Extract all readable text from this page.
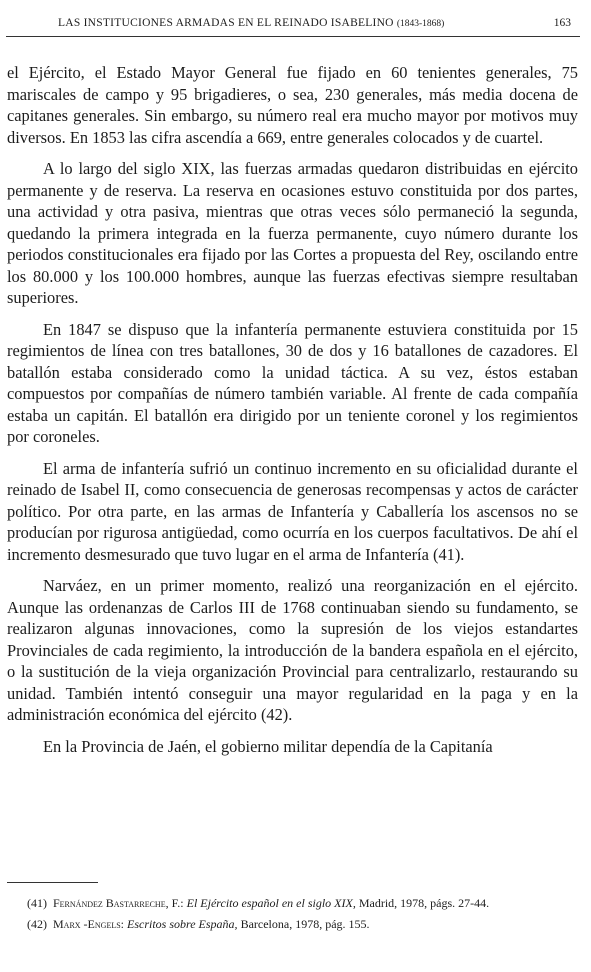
LAS INSTITUCIONES ARMADAS EN EL REINADO ISABELINO (1843-1868)	163

el Ejército, el Estado Mayor General fue fijado en 60 tenientes generales, 75 mariscales de campo y 95 brigadieres, o sea, 230 generales, más media docena de capitanes generales. Sin embargo, su número real era mucho mayor por motivos muy diversos. En 1853 las cifra ascendía a 669, entre generales colocados y de cuartel.

A lo largo del siglo XIX, las fuerzas armadas quedaron distribuidas en ejército permanente y de reserva. La reserva en ocasiones estuvo constituida por dos partes, una actividad y otra pasiva, mientras que otras veces sólo permaneció la segunda, quedando la primera integrada en la fuerza permanente, cuyo número durante los periodos constitucionales era fijado por las Cortes a propuesta del Rey, oscilando entre los 80.000 y los 100.000 hombres, aunque las fuerzas efectivas siempre resultaban superiores.

En 1847 se dispuso que la infantería permanente estuviera constituida por 15 regimientos de línea con tres batallones, 30 de dos y 16 batallones de cazadores. El batallón estaba considerado como la unidad táctica. A su vez, éstos estaban compuestos por compañías de número también variable. Al frente de cada compañía estaba un capitán. El batallón era dirigido por un teniente coronel y los regimientos por coroneles.

El arma de infantería sufrió un continuo incremento en su oficialidad durante el reinado de Isabel II, como consecuencia de generosas recompensas y actos de carácter político. Por otra parte, en las armas de Infantería y Caballería los ascensos no se producían por rigurosa antigüedad, como ocurría en los cuerpos facultativos. De ahí el incremento desmesurado que tuvo lugar en el arma de Infantería (41).

Narváez, en un primer momento, realizó una reorganización en el ejército. Aunque las ordenanzas de Carlos III de 1768 continuaban siendo su fundamento, se realizaron algunas innovaciones, como la supresión de los viejos estandartes Provinciales de cada regimiento, la introducción de la bandera española en el ejército, o la sustitución de la vieja organización Provincial para centralizarlo, restaurando su unidad. También intentó conseguir una mayor regularidad en la paga y en la administración económica del ejército (42).

En la Provincia de Jaén, el gobierno militar dependía de la Capitanía

(41) Fernández Bastarreche, F.: El Ejército español en el siglo XIX, Madrid, 1978, págs. 27-44.

(42) Marx -Engels: Escritos sobre España, Barcelona, 1978, pág. 155.
